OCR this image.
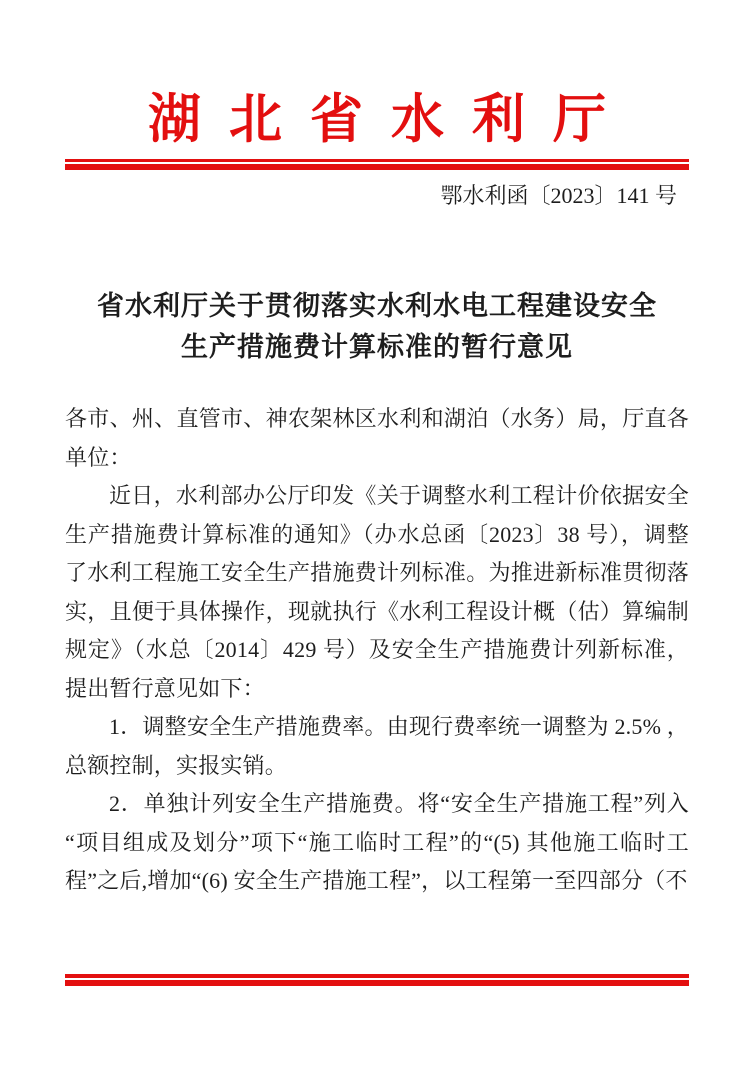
湖北省水利厅
鄂水利函〔2023〕141 号
省水利厅关于贯彻落实水利水电工程建设安全
生产措施费计算标准的暂行意见

各市、州、直管市、神农架林区水利和湖泊（水务）局，厅直各单位：

近日，水利部办公厅印发《关于调整水利工程计价依据安全生产措施费计算标准的通知》（办水总函〔2023〕38 号），调整了水利工程施工安全生产措施费计列标准。为推进新标准贯彻落实，且便于具体操作，现就执行《水利工程设计概（估）算编制规定》（水总〔2014〕429 号）及安全生产措施费计列新标准，提出暂行意见如下：

1．调整安全生产措施费率。由现行费率统一调整为 2.5% ，总额控制，实报实销。

2．单独计列安全生产措施费。将“安全生产措施工程”列入“项目组成及划分”项下“施工临时工程”的“(5) 其他施工临时工程”之后,增加“(6) 安全生产措施工程”，以工程第一至四部分（不
